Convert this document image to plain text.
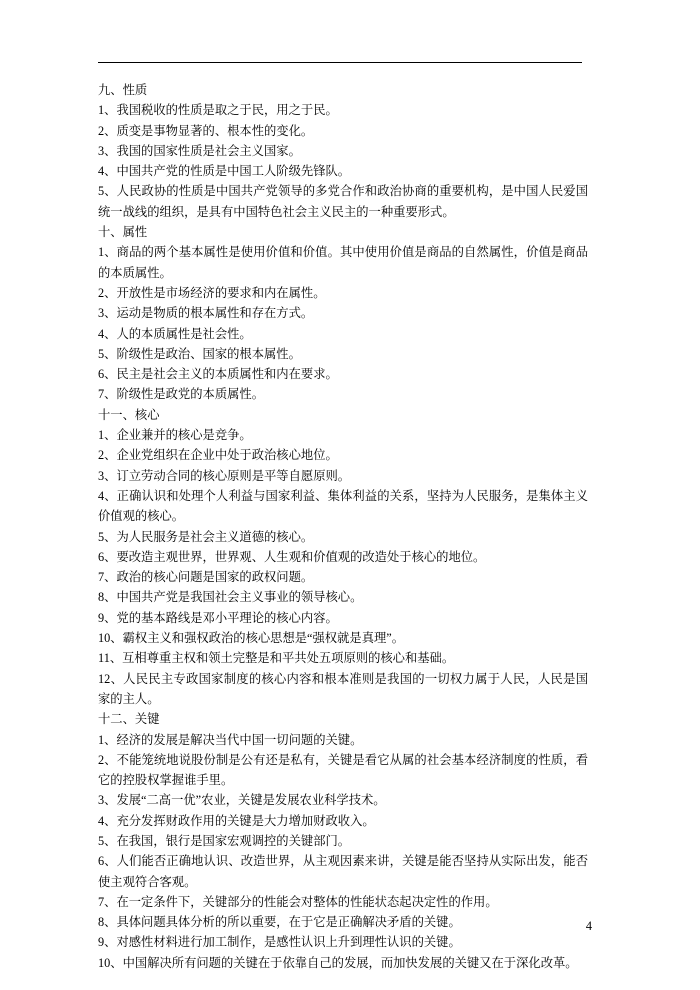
九、性质

1、我国税收的性质是取之于民，用之于民。

2、质变是事物显著的、根本性的变化。

3、我国的国家性质是社会主义国家。

4、中国共产党的性质是中国工人阶级先锋队。

5、人民政协的性质是中国共产党领导的多党合作和政治协商的重要机构，是中国人民爱国统一战线的组织，是具有中国特色社会主义民主的一种重要形式。

十、属性

1、商品的两个基本属性是使用价值和价值。其中使用价值是商品的自然属性，价值是商品的本质属性。

2、开放性是市场经济的要求和内在属性。

3、运动是物质的根本属性和存在方式。

4、人的本质属性是社会性。

5、阶级性是政治、国家的根本属性。

6、民主是社会主义的本质属性和内在要求。

7、阶级性是政党的本质属性。

十一、核心

1、企业兼并的核心是竞争。

2、企业党组织在企业中处于政治核心地位。

3、订立劳动合同的核心原则是平等自愿原则。

4、正确认识和处理个人利益与国家利益、集体利益的关系，坚持为人民服务，是集体主义价值观的核心。

5、为人民服务是社会主义道德的核心。

6、要改造主观世界，世界观、人生观和价值观的改造处于核心的地位。

7、政治的核心问题是国家的政权问题。

8、中国共产党是我国社会主义事业的领导核心。

9、党的基本路线是邓小平理论的核心内容。

10、霸权主义和强权政治的核心思想是“强权就是真理”。

11、互相尊重主权和领土完整是和平共处五项原则的核心和基础。

12、人民民主专政国家制度的核心内容和根本准则是我国的一切权力属于人民，人民是国家的主人。

十二、关键

1、经济的发展是解决当代中国一切问题的关键。

2、不能笼统地说股份制是公有还是私有，关键是看它从属的社会基本经济制度的性质，看它的控股权掌握谁手里。

3、发展“二高一优”农业，关键是发展农业科学技术。

4、充分发挥财政作用的关键是大力增加财政收入。

5、在我国，银行是国家宏观调控的关键部门。

6、人们能否正确地认识、改造世界，从主观因素来讲，关键是能否坚持从实际出发，能否使主观符合客观。

7、在一定条件下，关键部分的性能会对整体的性能状态起决定性的作用。

8、具体问题具体分析的所以重要，在于它是正确解决矛盾的关键。

9、对感性材料进行加工制作，是感性认识上升到理性认识的关键。

10、中国解决所有问题的关键在于依靠自己的发展，而加快发展的关键又在于深化改革。

4
